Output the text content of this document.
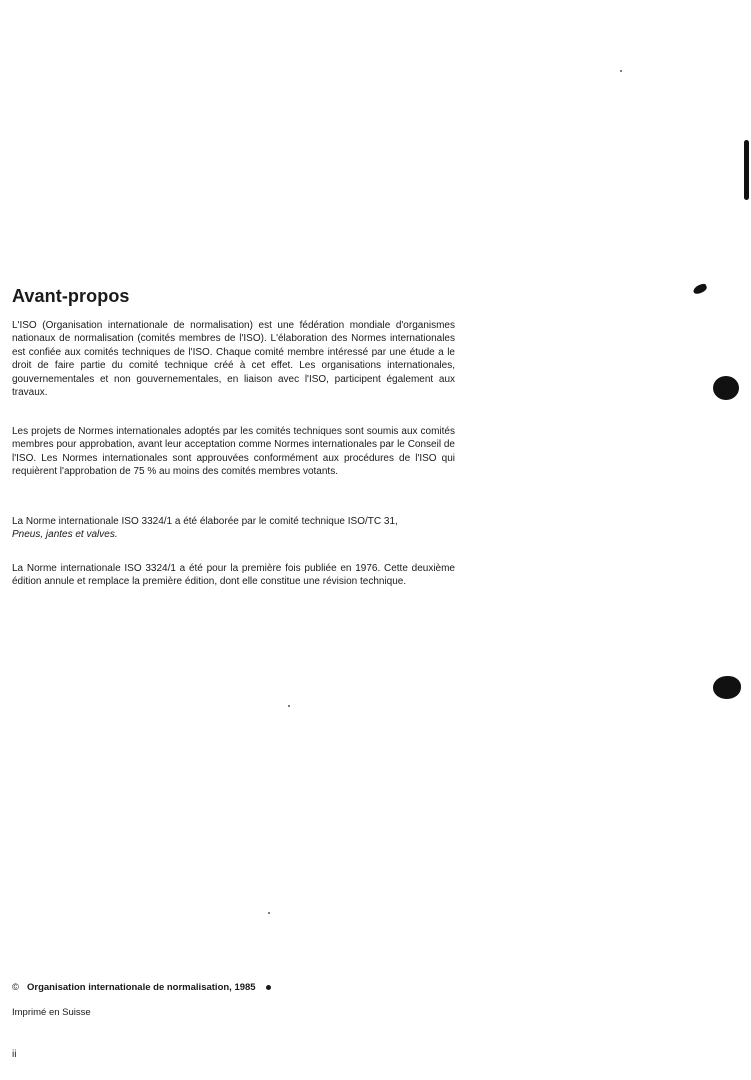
Avant-propos

L'ISO (Organisation internationale de normalisation) est une fédération mondiale d'organismes nationaux de normalisation (comités membres de l'ISO). L'élaboration des Normes internationales est confiée aux comités techniques de l'ISO. Chaque comité membre intéressé par une étude a le droit de faire partie du comité technique créé à cet effet. Les organisations internationales, gouvernementales et non gouvernementales, en liaison avec l'ISO, participent également aux travaux.

Les projets de Normes internationales adoptés par les comités techniques sont soumis aux comités membres pour approbation, avant leur acceptation comme Normes internationales par le Conseil de l'ISO. Les Normes internationales sont approuvées conformément aux procédures de l'ISO qui requièrent l'approbation de 75 % au moins des comités membres votants.

La Norme internationale ISO 3324/1 a été élaborée par le comité technique ISO/TC 31,
Pneus, jantes et valves.

La Norme internationale ISO 3324/1 a été pour la première fois publiée en 1976. Cette deuxième édition annule et remplace la première édition, dont elle constitue une révision technique.

© Organisation internationale de normalisation, 1985
Imprimé en Suisse
ii
